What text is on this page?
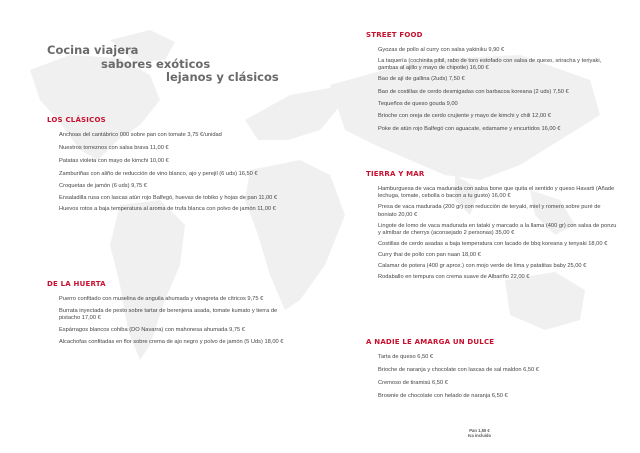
Cocina viajera
sabores exóticos
lejanos y clásicos
LOS CLÁSICOS
Anchoas del cantábrico 000 sobre pan con tomate 3,75 €/unidad
Nuestros torreznos con salsa brava 11,00 €
Patatas violeta con mayo de kimchi 10,00 €
Zamburiñas con aliño de reducción de vino blanco, ajo y perejil (6 uds) 16,50 €
Croquetas de jamón (6 uds) 9,75 €
Ensaladilla rusa con lascas atún rojo Balfegó, huevas de tobiko y hojas de pan 11,00 €
Huevos rotos a baja temperatura al aroma de trufa blanca con polvo de jamón 11,00 €
DE LA HUERTA
Puerro confitado con muselina de anguila ahumada y vinagreta de cítricos 9,75 €
Burrata inyectada de pesto sobre tartar de berenjena asada, tomate kumato y tierra de pistacho 17,00 €
Espárragos blancos cohiba (DO Navarra) con mahonesa ahumada 9,75 €
Alcachofas confitadas en flor sobre crema de ajo negro y polvo de jamón (5 Uds) 18,00 €
STREET FOOD
Gyozas de pollo al curry con salsa yakiniku 9,90 €
La taquería (cochinita pibil, rabo de toro estofado con salsa de queso, sriracha y teriyaki, gambas al ajillo y mayo de chipotle) 16,00 €
Bao de ají de gallina (2uds) 7,50 €
Bao de costillas de cerdo desmigadas con barbacoa koreana (2 uds) 7,50 €
Tequeños de queso gouda 9,00
Brioche con oreja de cerdo crujiente y mayo de kimchi y chili 12,00 €
Poke de atún rojo Balfegó con aguacate, edamame y encurtidos 16,00 €
TIERRA Y MAR
Hamburguesa de vaca madurada con salsa bone que quita el sentido y queso Havarti (Añade lechuga, tomate, cebolla o bacon a tu gusto) 16,00 €
Presa de vaca madurada (200 gr) con reducción de teryaki, miel y romero sobre puré de boniato 20,00 €
Lingote de lomo de vaca madurada en tataki y marcado a la llama (400 gr) con salsa de ponzu y almíbar de cherrys (aconsejado 2 personas) 35,00 €
Costillas de cerdo asadas a baja temperatura con lacado de bbq koreana y tenyaki 18,00 €
Curry thai de pollo con pan naan 18,00 €
Calamar de potera (400 gr aprox.) con mojo verde de lima y patatitas baby 25,00 €
Rodaballo en tempura con crema suave de Albariño 22,00 €
A NADIE LE AMARGA UN DULCE
Tarta de queso 6,50 €
Brioche de naranja y chocolate con lascas de sal maldon 6,50 €
Cremoso de tiramisú 6,50 €
Brownie de chocolate con helado de naranja 6,50 €
Pan 1,50 €
Iva incluido
